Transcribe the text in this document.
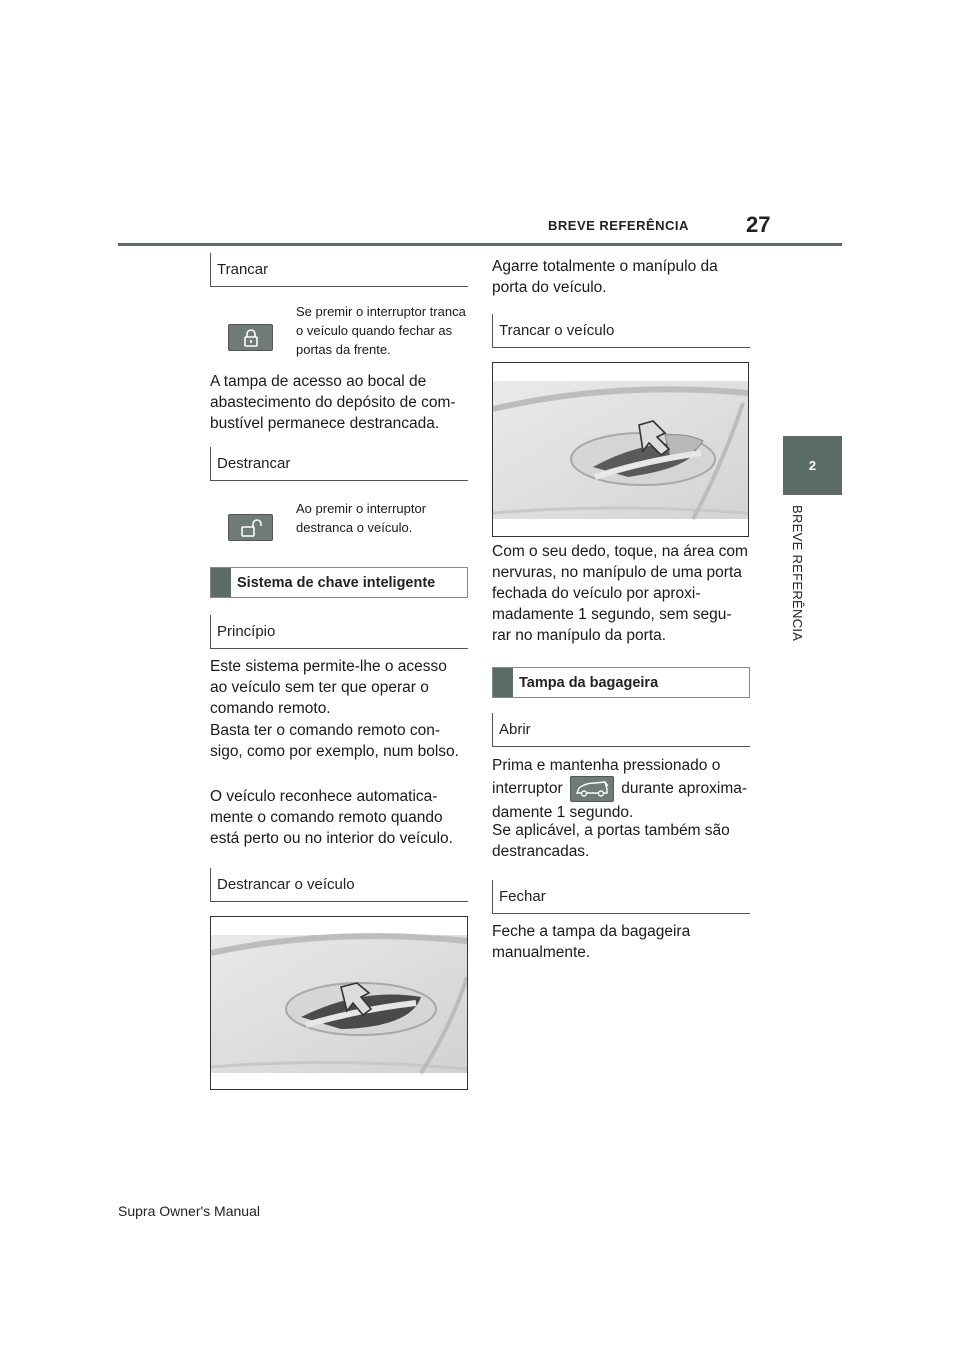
BREVE REFERÊNCIA	27
2
BREVE REFERÊNCIA
Trancar
Se premir o interruptor tranca o veículo quando fechar as portas da frente.
A tampa de acesso ao bocal de abastecimento do depósito de com-bustível permanece destrancada.
Destrancar
Ao premir o interruptor destranca o veículo.
Sistema de chave inteligente
Princípio
Este sistema permite-lhe o acesso ao veículo sem ter que operar o comando remoto.
Basta ter o comando remoto con-sigo, como por exemplo, num bolso.
O veículo reconhece automatica-mente o comando remoto quando está perto ou no interior do veículo.
Destrancar o veículo
Agarre totalmente o manípulo da porta do veículo.
Trancar o veículo
Com o seu dedo, toque, na área com nervuras, no manípulo de uma porta fechada do veículo por aproxi-madamente 1 segundo, sem segu-rar no manípulo da porta.
Tampa da bagageira
Abrir
Prima e mantenha pressionado o interruptor	durante aproxima-damente 1 segundo.
Se aplicável, a portas também são destrancadas.
Fechar
Feche a tampa da bagageira manualmente.
Supra Owner's Manual
